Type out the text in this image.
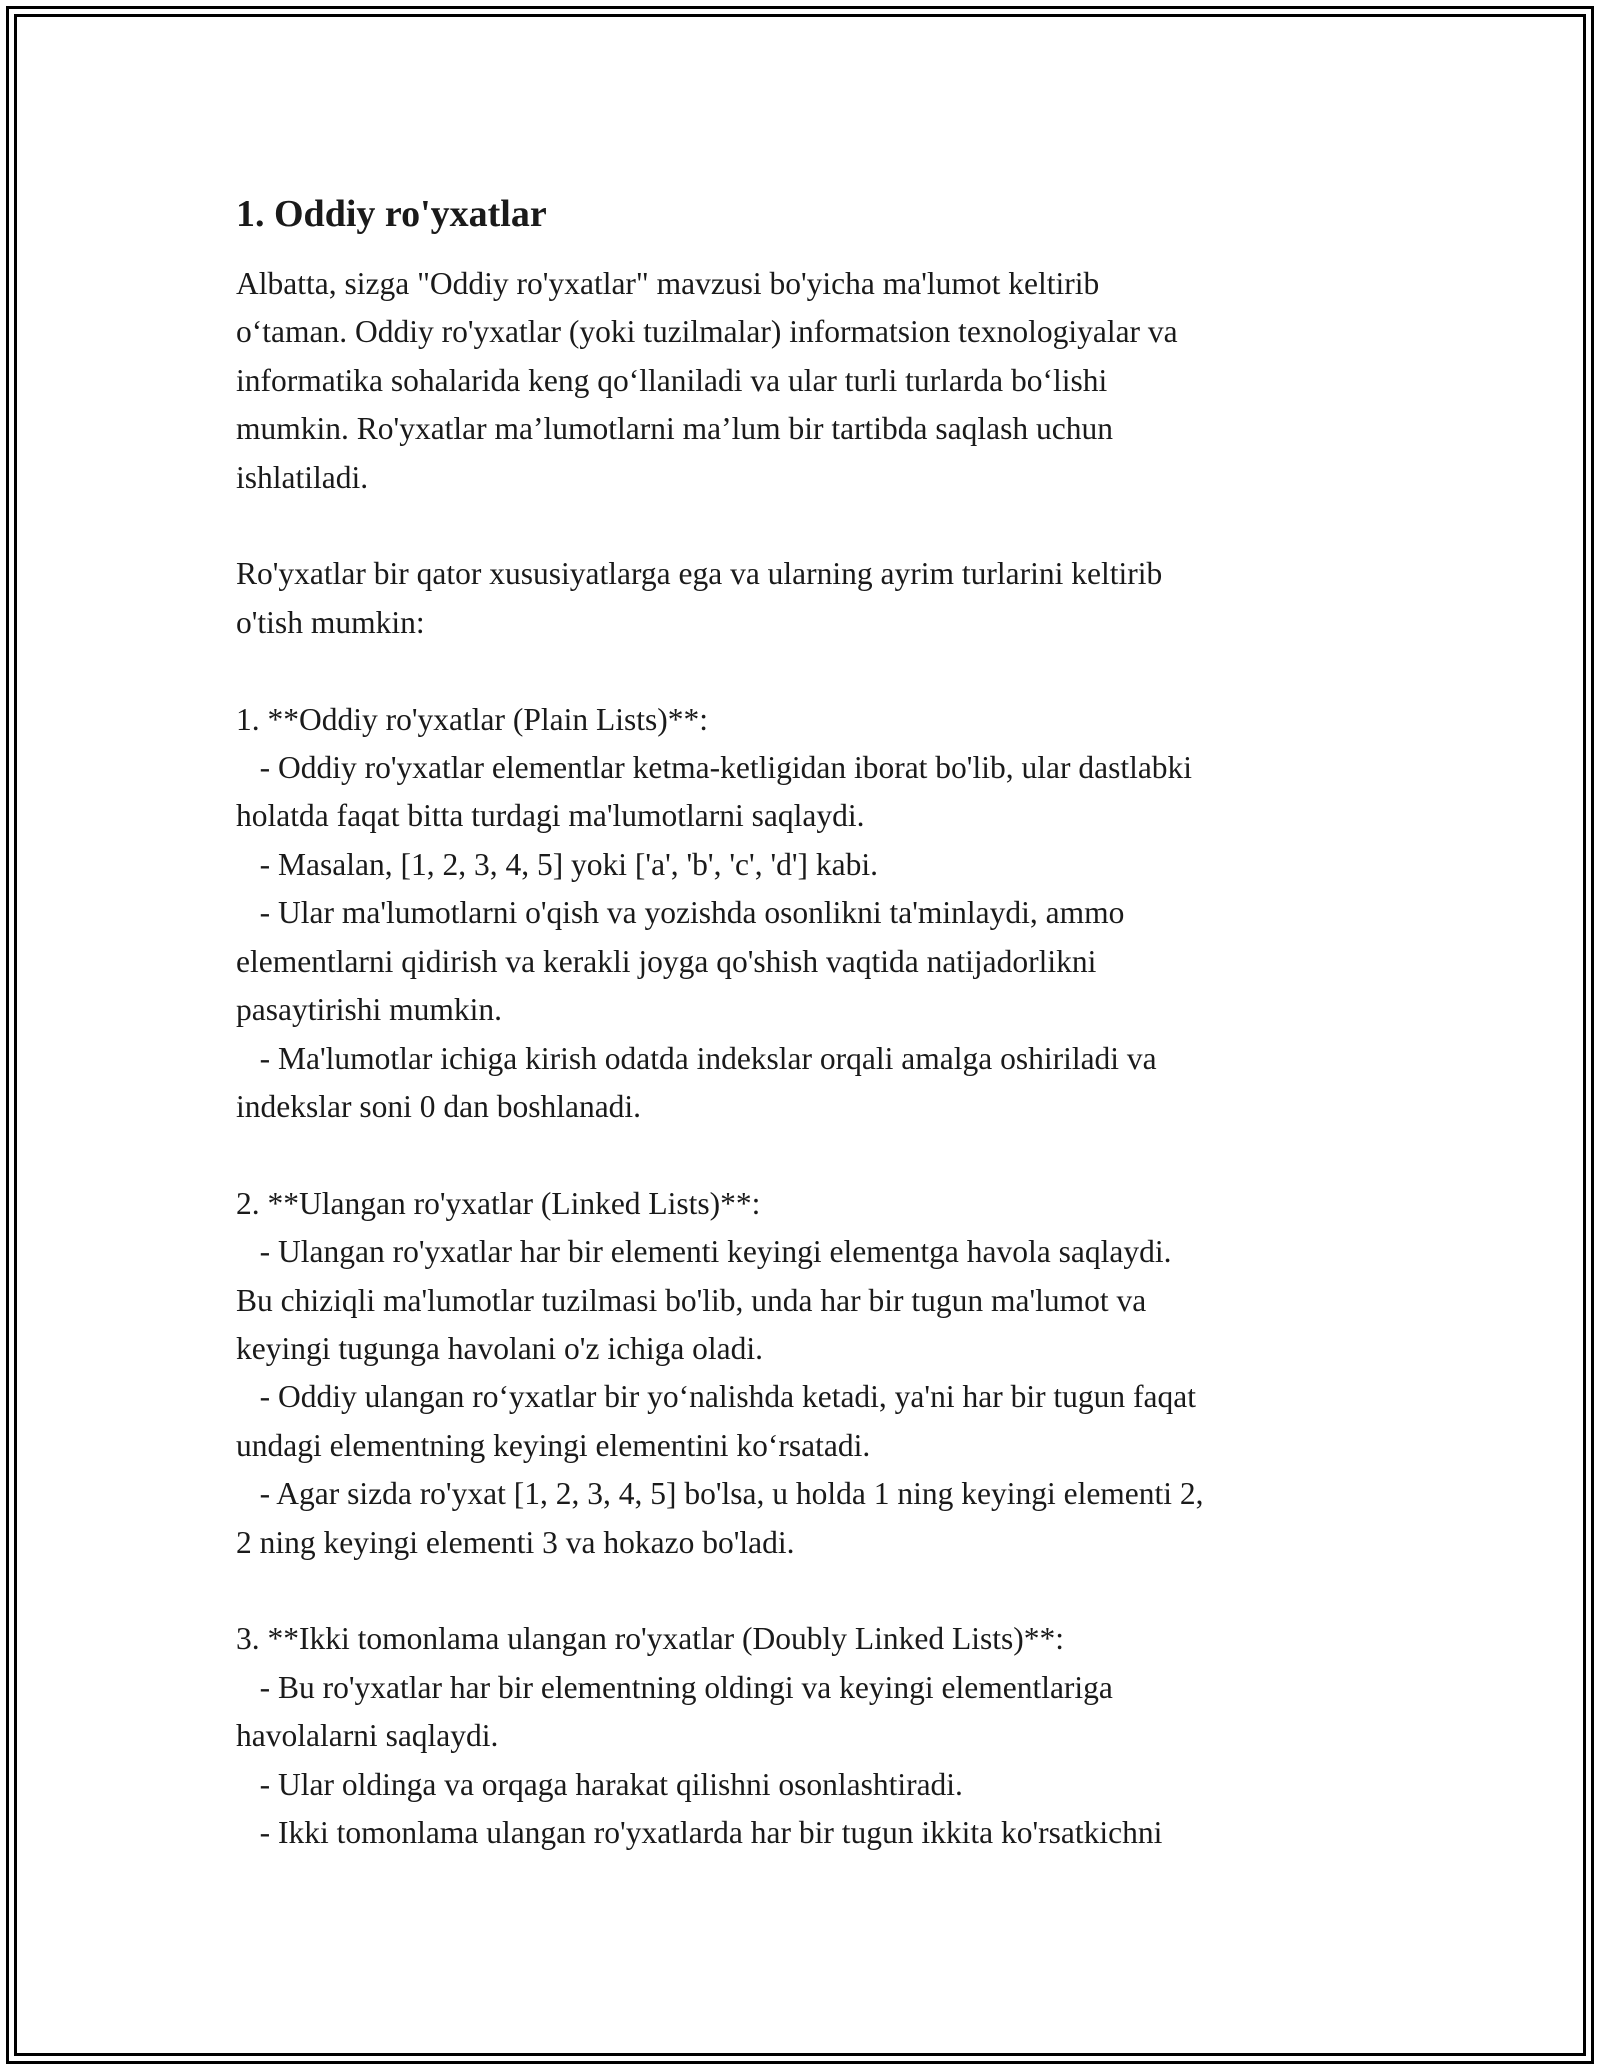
1. Oddiy ro'yxatlar
Albatta, sizga "Oddiy ro'yxatlar" mavzusi bo'yicha ma'lumot keltirib
o‘taman. Oddiy ro'yxatlar (yoki tuzilmalar) informatsion texnologiyalar va
informatika sohalarida keng qo‘llaniladi va ular turli turlarda bo‘lishi
mumkin. Ro'yxatlar ma’lumotlarni ma’lum bir tartibda saqlash uchun
ishlatiladi.

Ro'yxatlar bir qator xususiyatlarga ega va ularning ayrim turlarini keltirib
o'tish mumkin:

1. **Oddiy ro'yxatlar (Plain Lists)**:
- Oddiy ro'yxatlar elementlar ketma-ketligidan iborat bo'lib, ular dastlabki
holatda faqat bitta turdagi ma'lumotlarni saqlaydi.
- Masalan, [1, 2, 3, 4, 5] yoki ['a', 'b', 'c', 'd'] kabi.
- Ular ma'lumotlarni o'qish va yozishda osonlikni ta'minlaydi, ammo
elementlarni qidirish va kerakli joyga qo'shish vaqtida natijadorlikni
pasaytirishi mumkin.
- Ma'lumotlar ichiga kirish odatda indekslar orqali amalga oshiriladi va
indekslar soni 0 dan boshlanadi.

2. **Ulangan ro'yxatlar (Linked Lists)**:
- Ulangan ro'yxatlar har bir elementi keyingi elementga havola saqlaydi.
Bu chiziqli ma'lumotlar tuzilmasi bo'lib, unda har bir tugun ma'lumot va
keyingi tugunga havolani o'z ichiga oladi.
- Oddiy ulangan ro‘yxatlar bir yo‘nalishda ketadi, ya'ni har bir tugun faqat
undagi elementning keyingi elementini ko‘rsatadi.
- Agar sizda ro'yxat [1, 2, 3, 4, 5] bo'lsa, u holda 1 ning keyingi elementi 2,
2 ning keyingi elementi 3 va hokazo bo'ladi.

3. **Ikki tomonlama ulangan ro'yxatlar (Doubly Linked Lists)**:
- Bu ro'yxatlar har bir elementning oldingi va keyingi elementlariga
havolalarni saqlaydi.
- Ular oldinga va orqaga harakat qilishni osonlashtiradi.
- Ikki tomonlama ulangan ro'yxatlarda har bir tugun ikkita ko'rsatkichni
